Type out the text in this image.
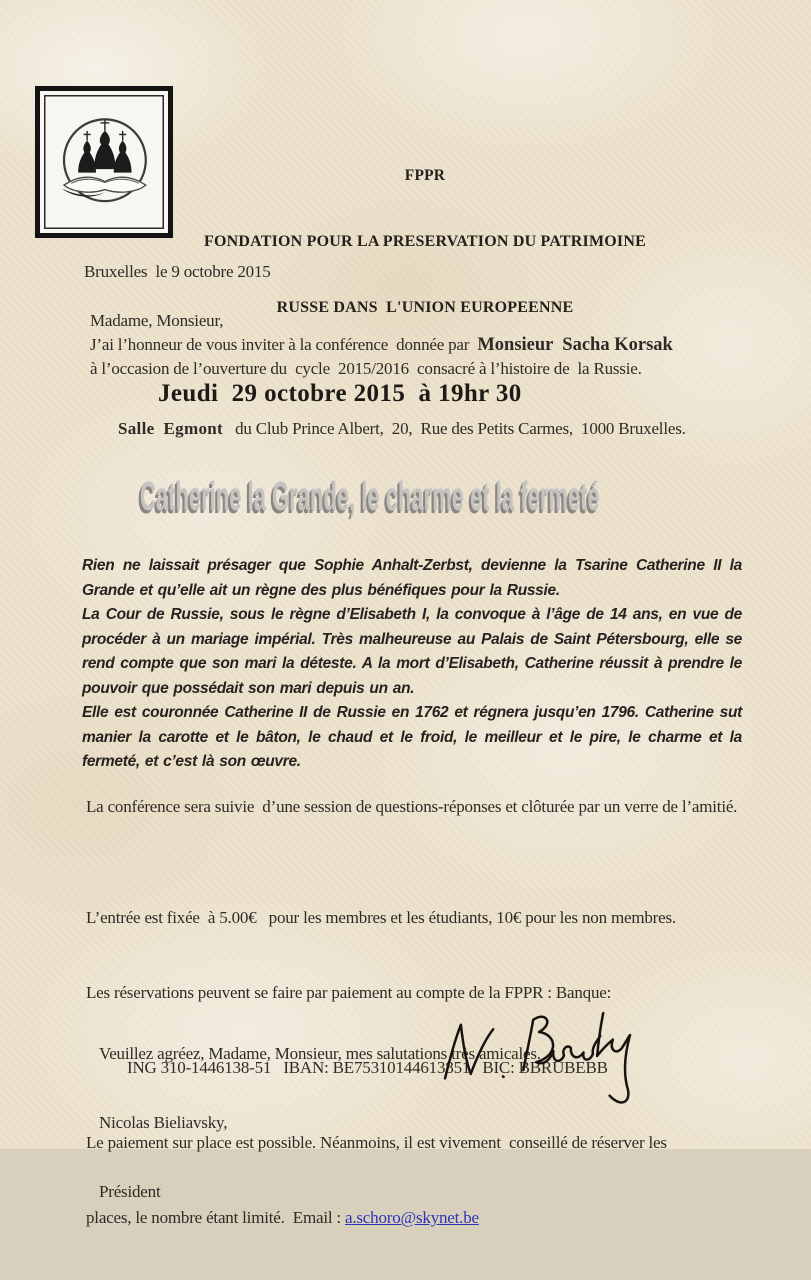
FPPR

FONDATION POUR LA PRESERVATION DU PATRIMOINE

RUSSE DANS  L'UNION EUROPEENNE

Bruxelles  le 9 octobre 2015
Madame, Monsieur,
J’ai l’honneur de vous inviter à la conférence  donnée par  Monsieur  Sacha Korsak
à l’occasion de l’ouverture du  cycle  2015/2016  consacré à l’histoire de  la Russie.
Jeudi  29 octobre 2015  à 19hr 30
Salle  Egmont   du Club Prince Albert,  20,  Rue des Petits Carmes,  1000 Bruxelles.
Catherine la Grande, le charme et la fermeté

Rien ne laissait présager que Sophie Anhalt-Zerbst, devienne la Tsarine Catherine II la Grande et qu’elle ait un règne des plus bénéfiques pour la Russie.

La Cour de Russie, sous le règne d’Elisabeth I, la convoque à l’âge de 14 ans, en vue de procéder à un mariage impérial. Très malheureuse au Palais de Saint Pétersbourg, elle se rend compte que son mari la déteste. A la mort d’Elisabeth, Catherine réussit à prendre le pouvoir que possédait son mari depuis un an.

Elle est couronnée Catherine II de Russie en 1762 et régnera jusqu’en 1796. Catherine sut manier la carotte et le bâton, le chaud et le froid, le meilleur et le pire, le charme et la fermeté, et c’est là son œuvre.

La conférence sera suivie  d’une session de questions-réponses et clôturée par un verre de l’amitié.

L’entrée est fixée  à 5.00€   pour les membres et les étudiants, 10€ pour les non membres.

Les réservations peuvent se faire par paiement au compte de la FPPR : Banque:

ING 310-1446138-51   IBAN: BE75310144613851   BIC: BBRUBEBB

Le paiement sur place est possible. Néanmoins, il est vivement  conseillé de réserver les

places, le nombre étant limité.  Email : a.schoro@skynet.be

Veuillez agréez, Madame, Monsieur, mes salutations très amicales.

Nicolas Bieliavsky,

Président
